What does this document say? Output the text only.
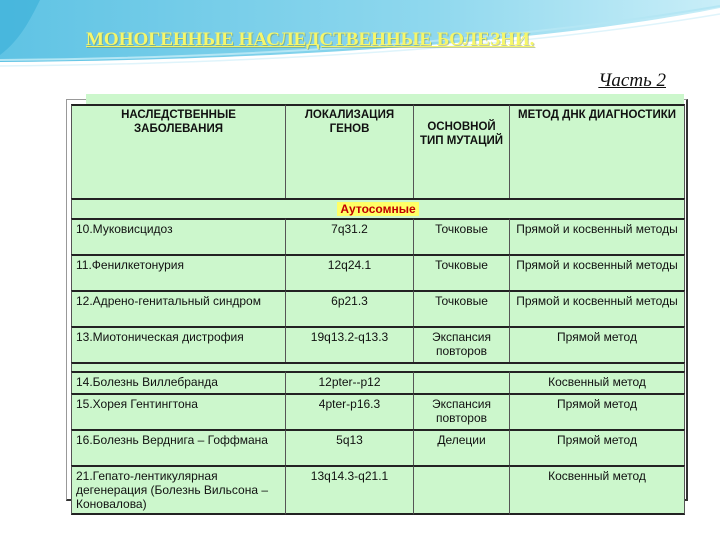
МОНОГЕННЫЕ НАСЛЕДСТВЕННЫЕ БОЛЕЗНИ.
Часть 2
НАСЛЕДСТВЕННЫЕ ЗАБОЛЕВАНИЯ	ЛОКАЛИЗАЦИЯ ГЕНОВ	ОСНОВНОЙ ТИП МУТАЦИЙ	МЕТОД ДНК ДИАГНОСТИКИ
Аутосомные			
10.Муковисцидоз	7q31.2	Точковые	Прямой и косвенный методы
11.Фенилкетонурия	12q24.1	Точковые	Прямой и косвенный методы
12.Адрено-генитальный синдром	6p21.3	Точковые	Прямой и косвенный методы
13.Миотоническая дистрофия	19q13.2-q13.3	Экспансия повторов	Прямой метод

14.Болезнь Виллебранда	12pter--p12		Косвенный метод
15.Хорея Гентингтона	4pter-p16.3	Экспансия повторов	Прямой метод
16.Болезнь Верднига – Гоффмана	5q13	Делеции	Прямой метод
21.Гепато-лентикулярная дегенерация (Болезнь Вильсона – Коновалова)	13q14.3-q21.1		Косвенный метод
